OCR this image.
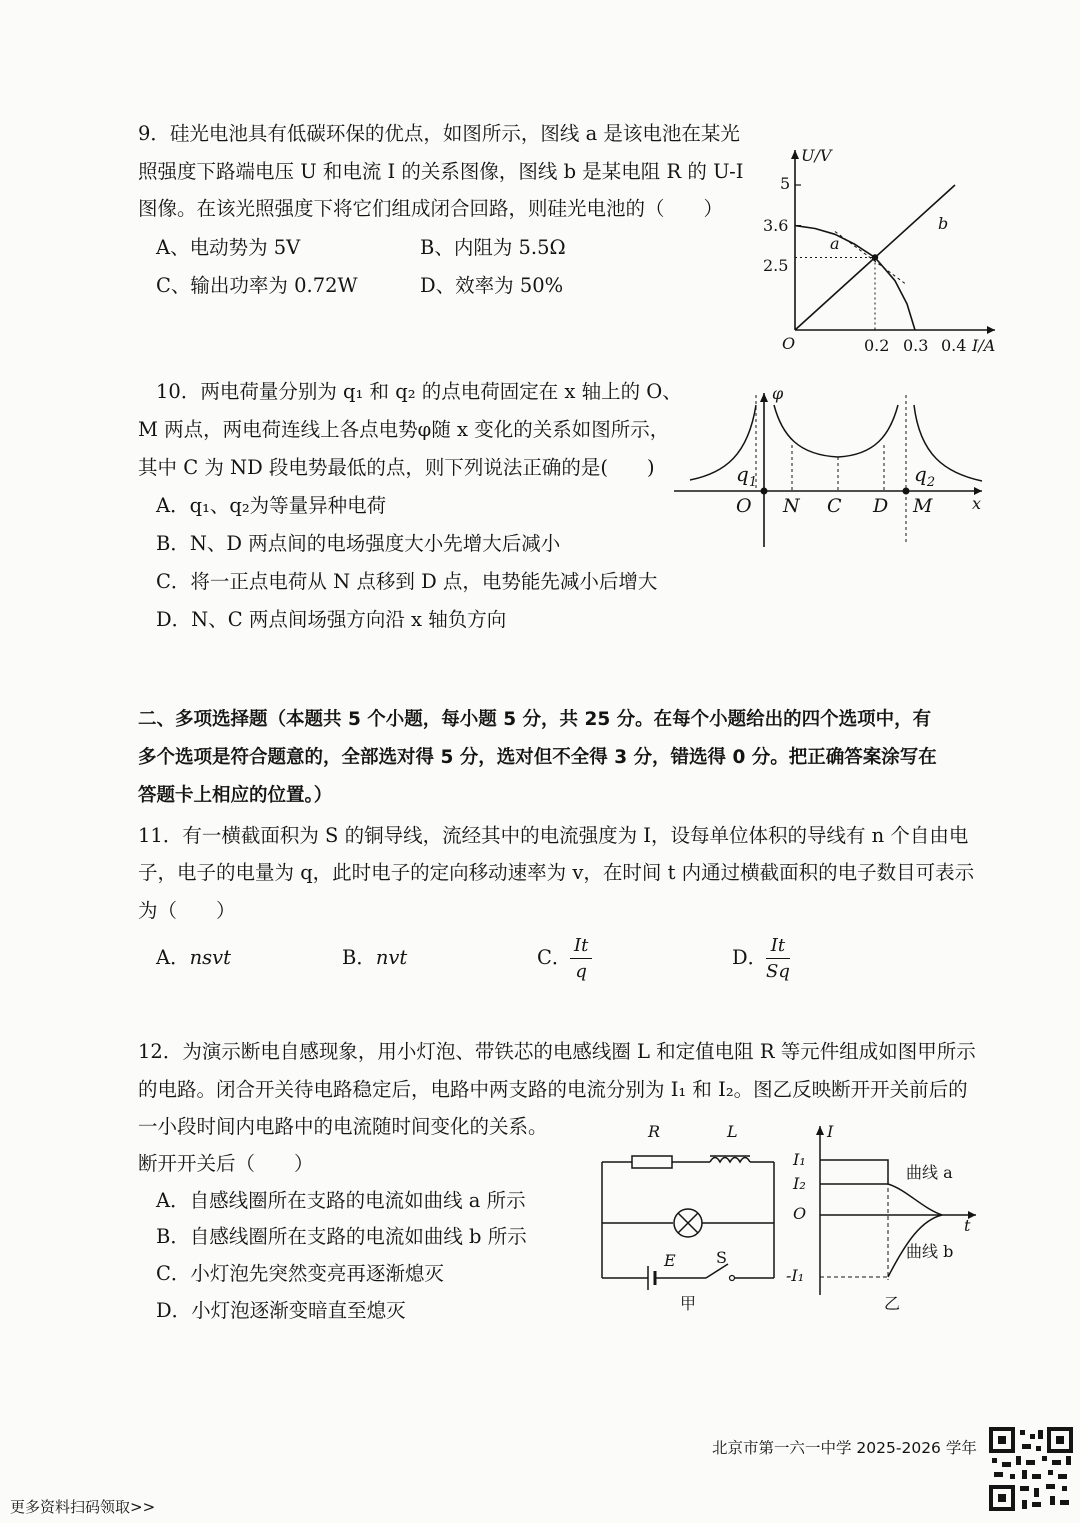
9．硅光电池具有低碳环保的优点，如图所示，图线 a 是该电池在某光
照强度下路端电压 U 和电流 I 的关系图像，图线 b 是某电阻 R 的 U-I
图像。在该光照强度下将它们组成闭合回路，则硅光电池的（　　）
A、电动势为 5V	B、内阻为 5.5Ω
C、输出功率为 0.72W	D、效率为 50%
U/V
5
3.6
2.5
O	0.2 0.3 0.4 I/A
a
b
10．两电荷量分别为 q₁ 和 q₂ 的点电荷固定在 x 轴上的 O、
M 两点，两电荷连线上各点电势φ随 x 变化的关系如图所示，
其中 C 为 ND 段电势最低的点，则下列说法正确的是(　　)
A．q₁、q₂为等量异种电荷
B．N、D 两点间的电场强度大小先增大后减小
C．将一正点电荷从 N 点移到 D 点，电势能先减小后增大
D．N、C 两点间场强方向沿 x 轴负方向
φ
x
$q_1$	$q_2$
O N C D M
二、多项选择题（本题共 5 个小题，每小题 5 分，共 25 分。在每个小题给出的四个选项中，有
多个选项是符合题意的，全部选对得 5 分，选对但不全得 3 分，错选得 0 分。把正确答案涂写在
答题卡上相应的位置。）
11．有一横截面积为 S 的铜导线，流经其中的电流强度为 I，设每单位体积的导线有 n 个自由电
子，电子的电量为 q，此时电子的定向移动速率为 v，在时间 t 内通过横截面积的电子数目可表示
为（　　）
A．nsvt	B．nvt	C．
$\frac{It}{q}$	D．
$\frac{It}{Sq}$
12．为演示断电自感现象，用小灯泡、带铁芯的电感线圈 L 和定值电阻 R 等元件组成如图甲所示
的电路。闭合开关待电路稳定后，电路中两支路的电流分别为 I₁ 和 I₂。图乙反映断开开关前后的
一小段时间内电路中的电流随时间变化的关系。
断开开关后（　　）
A．自感线圈所在支路的电流如曲线 a 所示
B．自感线圈所在支路的电流如曲线 b 所示
C．小灯泡先突然变亮再逐渐熄灭
D．小灯泡逐渐变暗直至熄灭
R	L
E	S
甲
I
t
I₁
I₂
O
-I₁
曲线 a
曲线 b
乙
北京市第一六一中学 2025-2026 学年
更多资料扫码领取>>
